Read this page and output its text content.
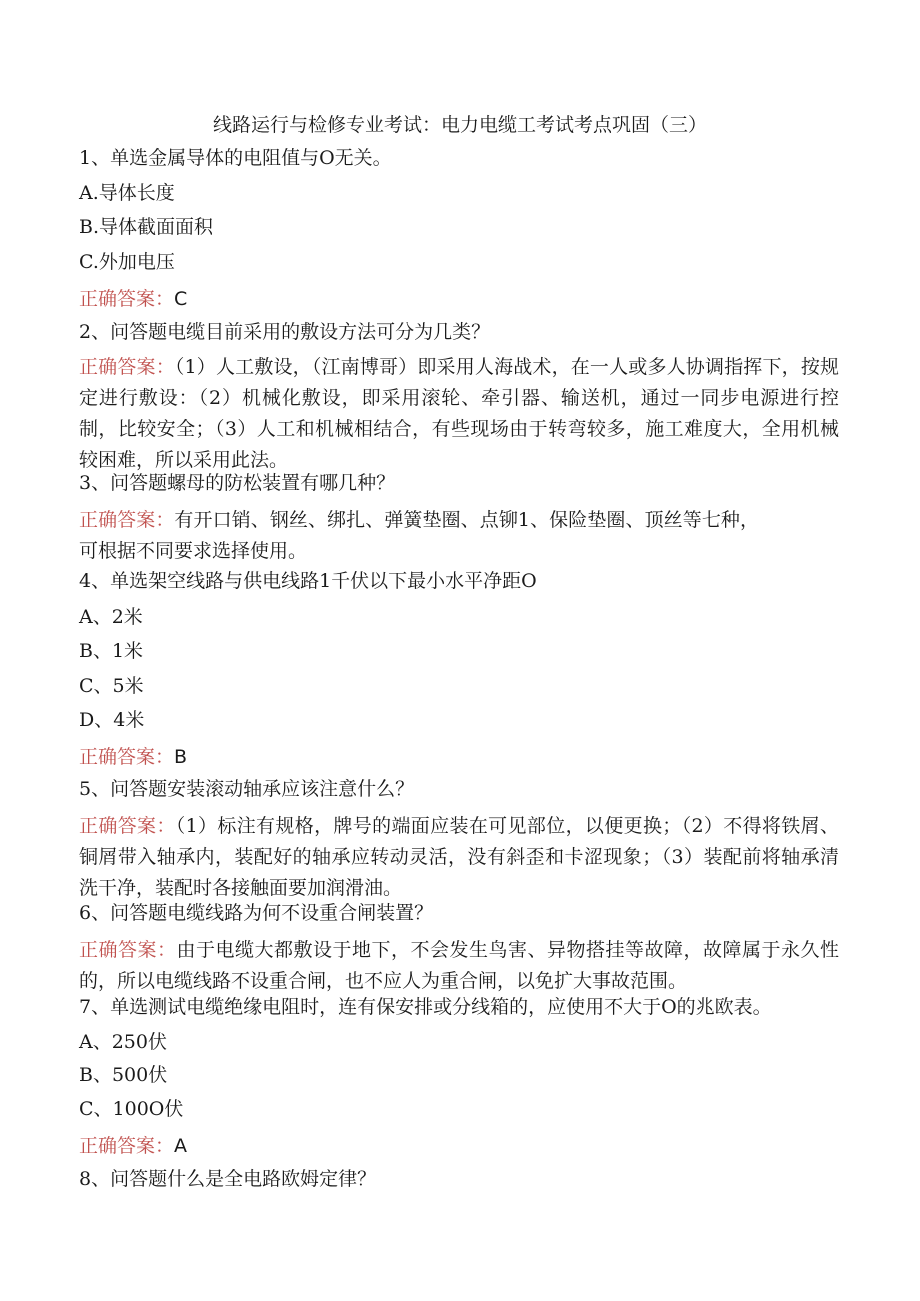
线路运行与检修专业考试：电力电缆工考试考点巩固（三）
1、单选金属导体的电阻值与O无关。
A.导体长度
B.导体截面面积
C.外加电压
正确答案：C
2、问答题电缆目前采用的敷设方法可分为几类？
正确答案：（1）人工敷设，（江南博哥）即采用人海战术，在一人或多人协调指挥下，按规定进行敷设：（2）机械化敷设，即采用滚轮、牵引器、输送机，通过一同步电源进行控制，比较安全；（3）人工和机械相结合，有些现场由于转弯较多，施工难度大，全用机械较困难，所以采用此法。
3、问答题螺母的防松装置有哪几种？
正确答案：有开口销、钢丝、绑扎、弹簧垫圈、点铆1、保险垫圈、顶丝等七种，可根据不同要求选择使用。
4、单选架空线路与供电线路1千伏以下最小水平净距O
A、2米
B、1米
C、5米
D、4米
正确答案：B
5、问答题安装滚动轴承应该注意什么？
正确答案：（1）标注有规格，牌号的端面应装在可见部位，以便更换；（2）不得将铁屑、铜屑带入轴承内，装配好的轴承应转动灵活，没有斜歪和卡涩现象；（3）装配前将轴承清洗干净，装配时各接触面要加润滑油。
6、问答题电缆线路为何不设重合闸装置？
正确答案：由于电缆大都敷设于地下，不会发生鸟害、异物搭挂等故障，故障属于永久性的，所以电缆线路不设重合闸，也不应人为重合闸，以免扩大事故范围。
7、单选测试电缆绝缘电阻时，连有保安排或分线箱的，应使用不大于O的兆欧表。
A、250伏
B、500伏
C、100O伏
正确答案：A
8、问答题什么是全电路欧姆定律？
